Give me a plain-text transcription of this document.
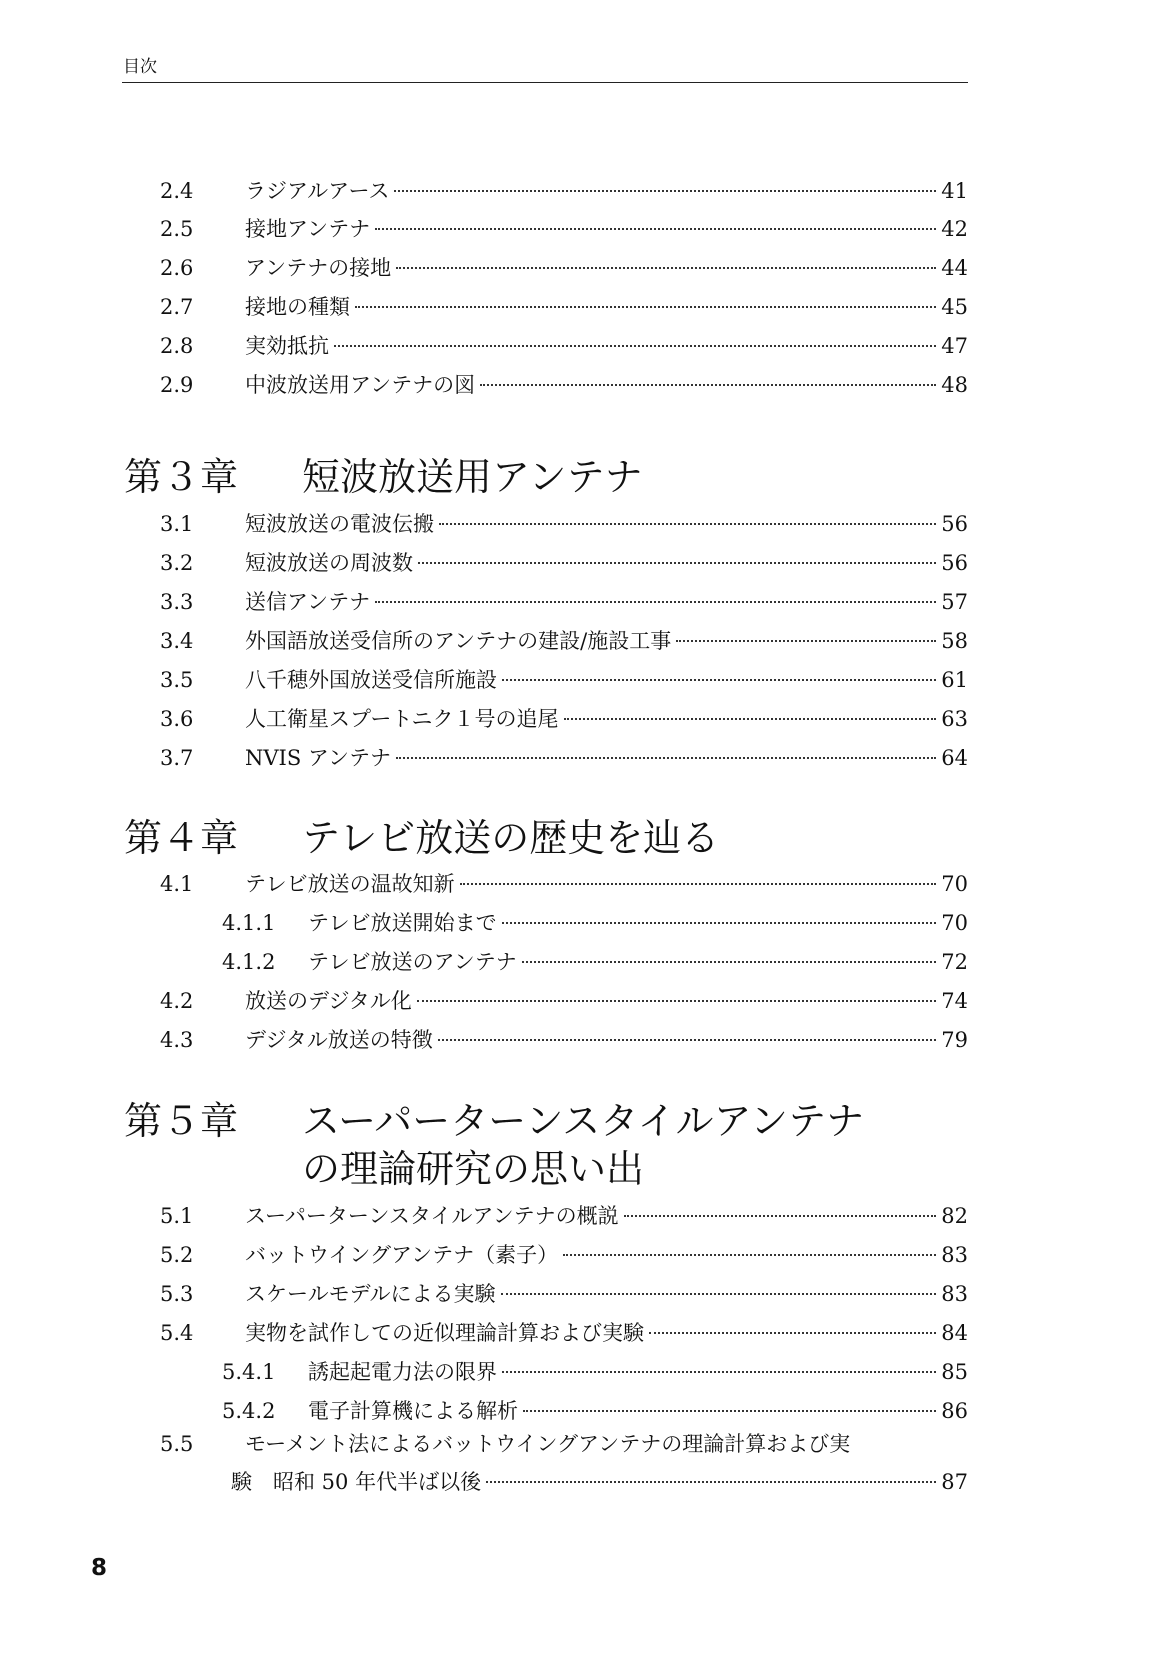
目次
2.4	ラジアルアース	41
2.5	接地アンテナ	42
2.6	アンテナの接地	44
2.7	接地の種類	45
2.8	実効抵抗	47
2.9	中波放送用アンテナの図	48
第３章	短波放送用アンテナ
3.1	短波放送の電波伝搬	56
3.2	短波放送の周波数	56
3.3	送信アンテナ	57
3.4	外国語放送受信所のアンテナの建設/施設工事	58
3.5	八千穂外国放送受信所施設	61
3.6	人工衛星スプートニク１号の追尾	63
3.7	NVIS アンテナ	64
第４章	テレビ放送の歴史を辿る
4.1	テレビ放送の温故知新	70
4.1.1	テレビ放送開始まで	70
4.1.2	テレビ放送のアンテナ	72
4.2	放送のデジタル化	74
4.3	デジタル放送の特徴	79
第５章	スーパーターンスタイルアンテナ
の理論研究の思い出
5.1	スーパーターンスタイルアンテナの概説	82
5.2	バットウイングアンテナ（素子）	83
5.3	スケールモデルによる実験	83
5.4	実物を試作しての近似理論計算および実験	84
5.4.1	誘起起電力法の限界	85
5.4.2	電子計算機による解析	86
5.5	モーメント法によるバットウイングアンテナの理論計算および実
験　昭和 50 年代半ば以後	87
8
